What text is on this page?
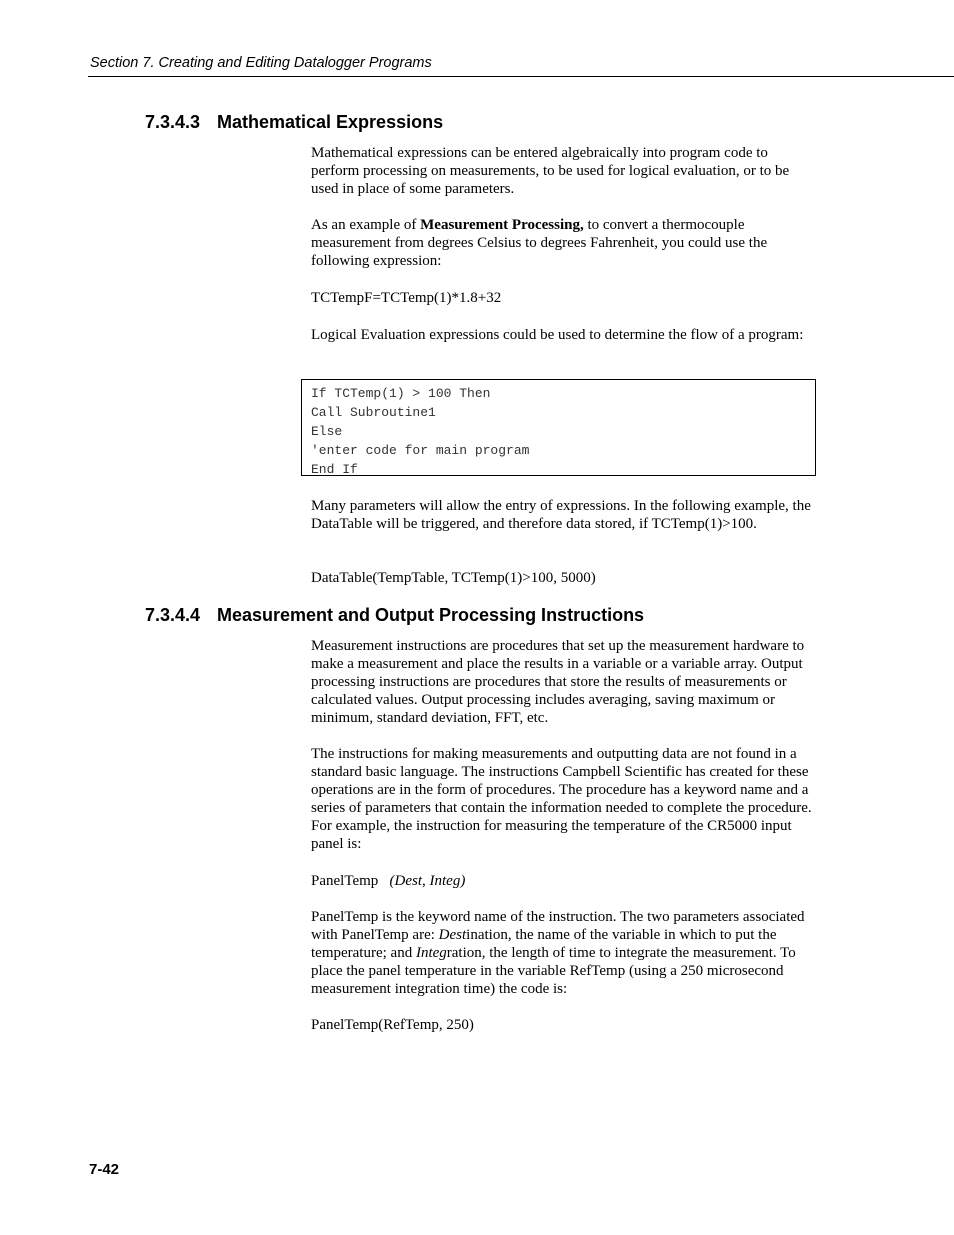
Section 7. Creating and Editing Datalogger Programs
7.3.4.3 Mathematical Expressions

Mathematical expressions can be entered algebraically into program code to perform processing on measurements, to be used for logical evaluation, or to be used in place of some parameters.

As an example of Measurement Processing, to convert a thermocouple measurement from degrees Celsius to degrees Fahrenheit, you could use the following expression:

TCTempF=TCTemp(1)*1.8+32

Logical Evaluation expressions could be used to determine the flow of a program:

If TCTemp(1) > 100 Then
Call Subroutine1
Else
'enter code for main program
End If

Many parameters will allow the entry of expressions. In the following example, the DataTable will be triggered, and therefore data stored, if TCTemp(1)>100.

DataTable(TempTable, TCTemp(1)>100, 5000)

7.3.4.4 Measurement and Output Processing Instructions

Measurement instructions are procedures that set up the measurement hardware to make a measurement and place the results in a variable or a variable array. Output processing instructions are procedures that store the results of measurements or calculated values. Output processing includes averaging, saving maximum or minimum, standard deviation, FFT, etc.

The instructions for making measurements and outputting data are not found in a standard basic language. The instructions Campbell Scientific has created for these operations are in the form of procedures. The procedure has a keyword name and a series of parameters that contain the information needed to complete the procedure. For example, the instruction for measuring the temperature of the CR5000 input panel is:

PanelTemp (Dest, Integ)

PanelTemp is the keyword name of the instruction. The two parameters associated with PanelTemp are: Destination, the name of the variable in which to put the temperature; and Integration, the length of time to integrate the measurement. To place the panel temperature in the variable RefTemp (using a 250 microsecond measurement integration time) the code is:

PanelTemp(RefTemp, 250)

7-42
